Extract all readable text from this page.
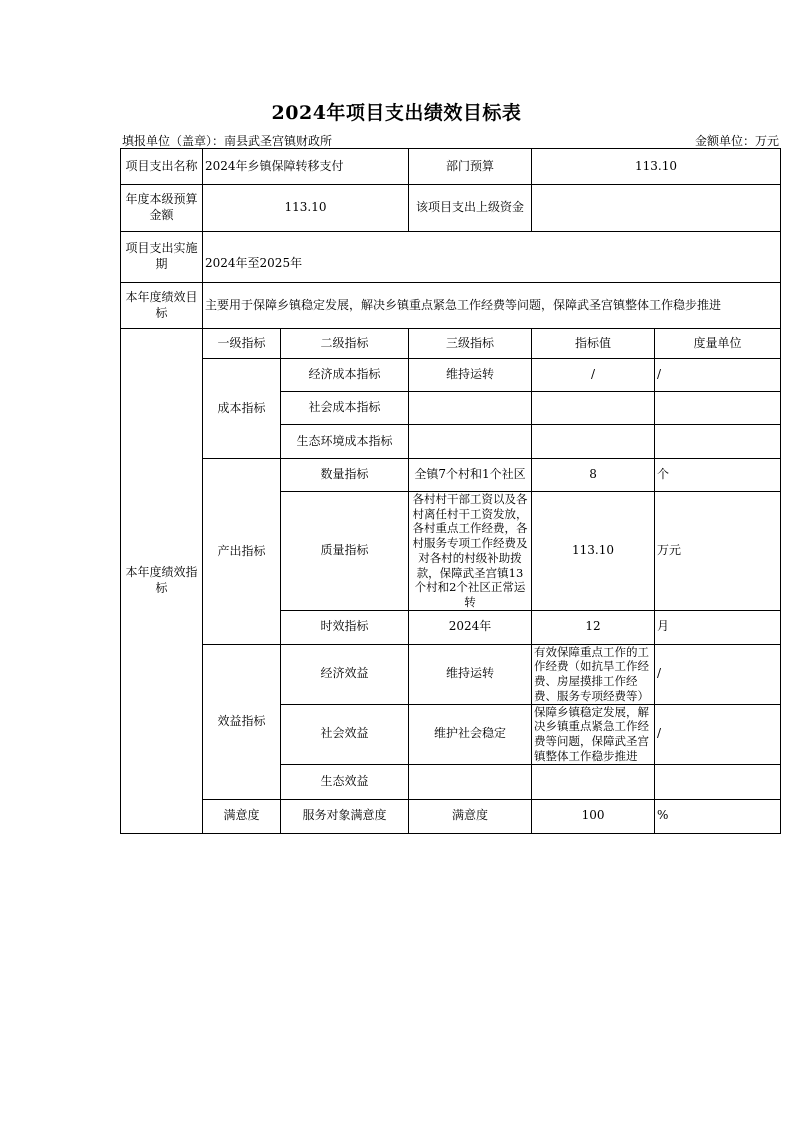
2024年项目支出绩效目标表
填报单位（盖章）：南县武圣宫镇财政所	金额单位：万元
项目支出名称	2024年乡镇保障转移支付		部门预算	113.10	
年度本级预算金额	113.10		该项目支出上级资金		
项目支出实施期	2024年至2025年				
本年度绩效目标	主要用于保障乡镇稳定发展，解决乡镇重点紧急工作经费等问题，保障武圣宫镇整体工作稳步推进				
本年度绩效指标	一级指标	二级指标	三级指标	指标值	度量单位
	成本指标	经济成本指标	维持运转	/	/
		社会成本指标			
		生态环境成本指标			
	产出指标	数量指标	全镇7个村和1个社区	8	个
		质量指标	各村村干部工资以及各村离任村干工资发放，各村重点工作经费，各村服务专项工作经费及对各村的村级补助拨款，保障武圣宫镇13个村和2个社区正常运转	113.10	万元
		时效指标	2024年	12	月
	效益指标	经济效益	维持运转	有效保障重点工作的工作经费（如抗旱工作经费、房屋摸排工作经费、服务专项经费等）	/
		社会效益	维护社会稳定	保障乡镇稳定发展，解决乡镇重点紧急工作经费等问题，保障武圣宫镇整体工作稳步推进	/
		生态效益			
	满意度	服务对象满意度	满意度	100	%
